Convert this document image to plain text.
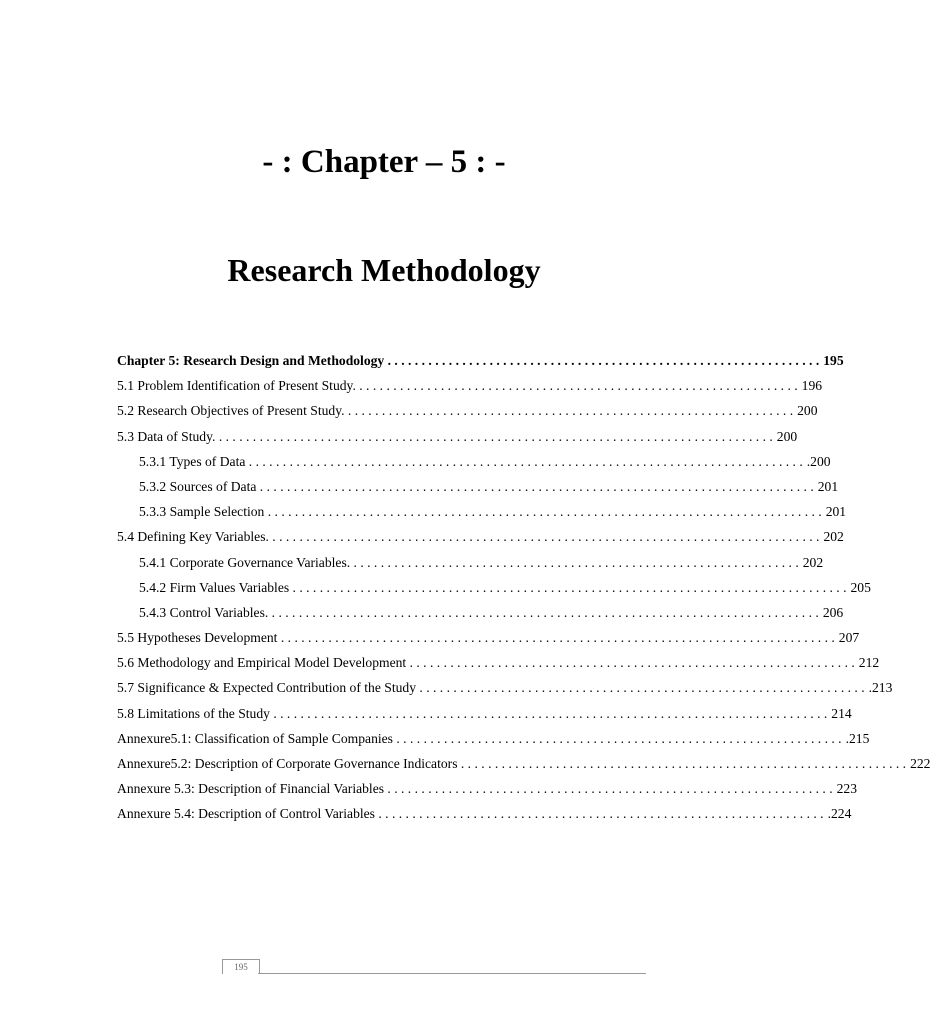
- : Chapter – 5 : -
Research Methodology
Chapter 5: Research Design and Methodology . . . . . . . . . . . . . . . . . . . . . . . . . . . . . . . . . . . . . . . . . . . . . . . . . . . . . . . . . . . . . . . . 195
5.1 Problem Identification of Present Study. . . . . . . . . . . . . . . . . . . . . . . . . . . . . . . . . . . . . . . . . . . . . . . . . . . . . . . . . . . . . . . . . . 196
5.2 Research Objectives of Present Study. . . . . . . . . . . . . . . . . . . . . . . . . . . . . . . . . . . . . . . . . . . . . . . . . . . . . . . . . . . . . . . . . . . 200
5.3 Data of Study. . . . . . . . . . . . . . . . . . . . . . . . . . . . . . . . . . . . . . . . . . . . . . . . . . . . . . . . . . . . . . . . . . . . . . . . . . . . . . . . . . . 200
5.3.1 Types of Data . . . . . . . . . . . . . . . . . . . . . . . . . . . . . . . . . . . . . . . . . . . . . . . . . . . . . . . . . . . . . . . . . . . . . . . . . . . . . . . . . . .200
5.3.2 Sources of Data . . . . . . . . . . . . . . . . . . . . . . . . . . . . . . . . . . . . . . . . . . . . . . . . . . . . . . . . . . . . . . . . . . . . . . . . . . . . . . . . . . 201
5.3.3 Sample Selection . . . . . . . . . . . . . . . . . . . . . . . . . . . . . . . . . . . . . . . . . . . . . . . . . . . . . . . . . . . . . . . . . . . . . . . . . . . . . . . . . . 201
5.4 Defining Key Variables. . . . . . . . . . . . . . . . . . . . . . . . . . . . . . . . . . . . . . . . . . . . . . . . . . . . . . . . . . . . . . . . . . . . . . . . . . . . . . . . . . 202
5.4.1 Corporate Governance Variables. . . . . . . . . . . . . . . . . . . . . . . . . . . . . . . . . . . . . . . . . . . . . . . . . . . . . . . . . . . . . . . . . . . 202
5.4.2 Firm Values Variables . . . . . . . . . . . . . . . . . . . . . . . . . . . . . . . . . . . . . . . . . . . . . . . . . . . . . . . . . . . . . . . . . . . . . . . . . . . . . . . . . . 205
5.4.3 Control Variables. . . . . . . . . . . . . . . . . . . . . . . . . . . . . . . . . . . . . . . . . . . . . . . . . . . . . . . . . . . . . . . . . . . . . . . . . . . . . . . . . . 206
5.5 Hypotheses Development . . . . . . . . . . . . . . . . . . . . . . . . . . . . . . . . . . . . . . . . . . . . . . . . . . . . . . . . . . . . . . . . . . . . . . . . . . . . . . . . . . 207
5.6 Methodology and Empirical Model Development . . . . . . . . . . . . . . . . . . . . . . . . . . . . . . . . . . . . . . . . . . . . . . . . . . . . . . . . . . . . . . . . . . 212
5.7 Significance & Expected Contribution of the Study . . . . . . . . . . . . . . . . . . . . . . . . . . . . . . . . . . . . . . . . . . . . . . . . . . . . . . . . . . . . . . . . . . .213
5.8 Limitations of the Study . . . . . . . . . . . . . . . . . . . . . . . . . . . . . . . . . . . . . . . . . . . . . . . . . . . . . . . . . . . . . . . . . . . . . . . . . . . . . . . . . . 214
Annexure5.1: Classification of Sample Companies . . . . . . . . . . . . . . . . . . . . . . . . . . . . . . . . . . . . . . . . . . . . . . . . . . . . . . . . . . . . . . . . . . .215
Annexure5.2: Description of Corporate Governance Indicators . . . . . . . . . . . . . . . . . . . . . . . . . . . . . . . . . . . . . . . . . . . . . . . . . . . . . . . . . . . . . . . . . . 222
Annexure 5.3: Description of Financial Variables . . . . . . . . . . . . . . . . . . . . . . . . . . . . . . . . . . . . . . . . . . . . . . . . . . . . . . . . . . . . . . . . . . 223
Annexure 5.4: Description of Control Variables . . . . . . . . . . . . . . . . . . . . . . . . . . . . . . . . . . . . . . . . . . . . . . . . . . . . . . . . . . . . . . . . . . .224
195
